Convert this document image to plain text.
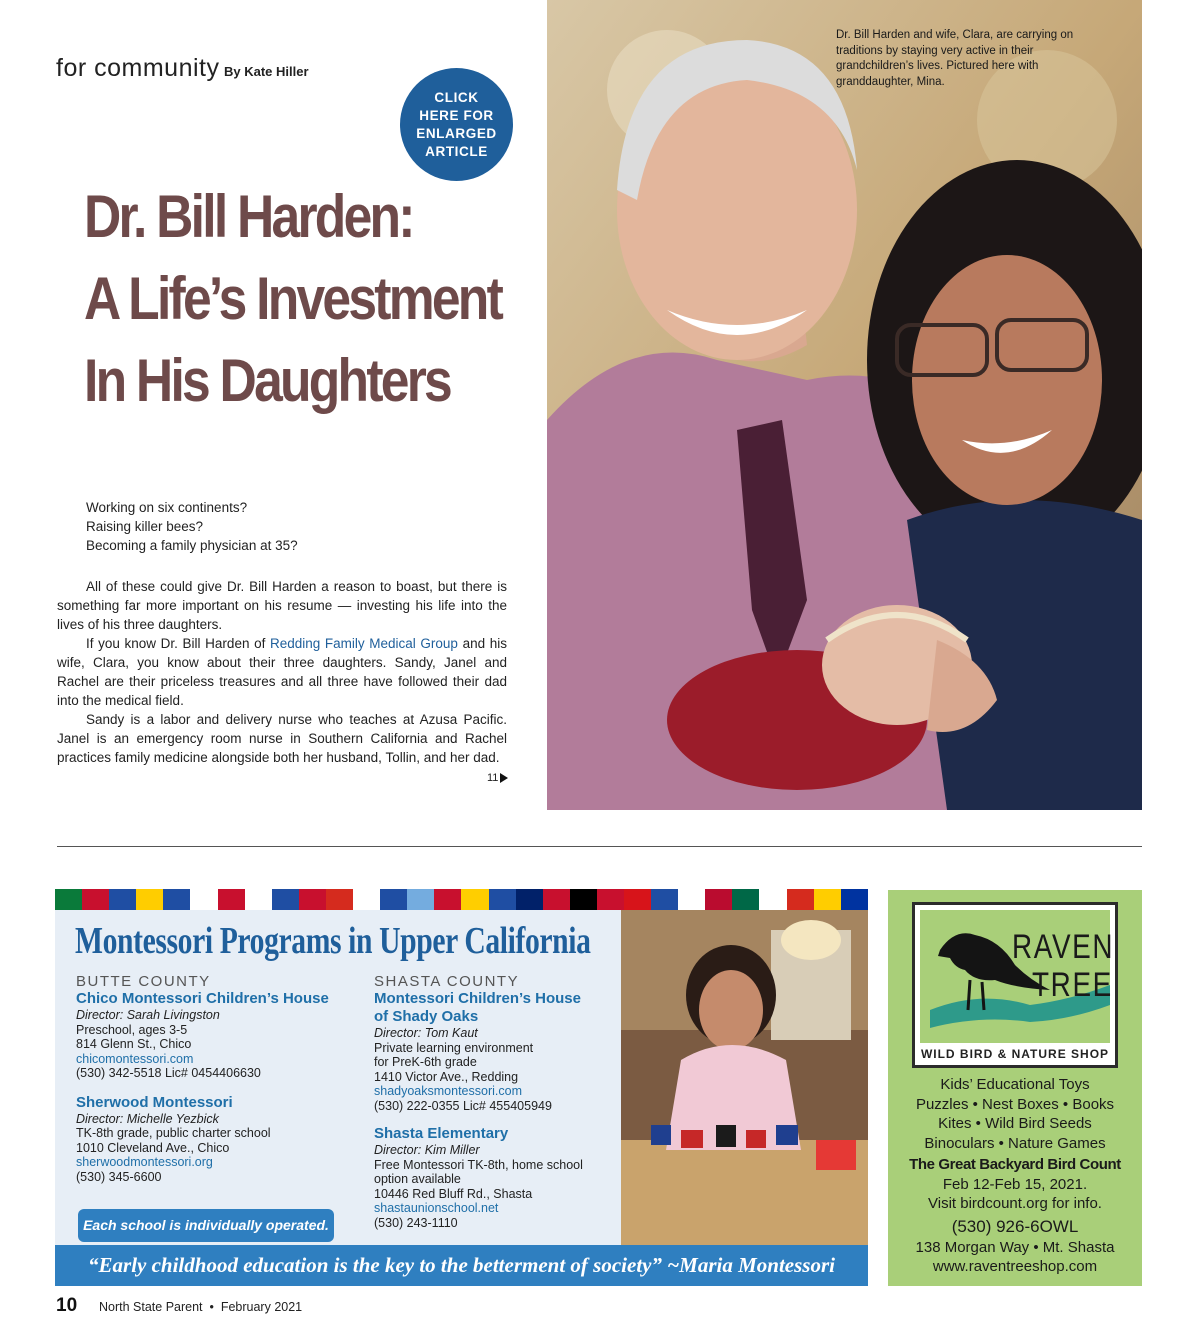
for community By Kate Hiller
CLICK
HERE FOR
ENLARGED
ARTICLE
Dr. Bill Harden:
A Life’s Investment
In His Daughters
Working on six continents?
Raising killer bees?
Becoming a family physician at 35?

All of these could give Dr. Bill Harden a reason to boast, but there is something far more important on his resume — investing his life into the lives of his three daughters.

If you know Dr. Bill Harden of Redding Family Medical Group and his wife, Clara, you know about their three daughters. Sandy, Janel and Rachel are their priceless treasures and all three have followed their dad into the medical field.

Sandy is a labor and delivery nurse who teaches at Azusa Pacific. Janel is an emergency room nurse in Southern California and Rachel practices family medicine alongside both her husband, Tollin, and her dad.

11
Dr. Bill Harden and wife, Clara, are carrying on traditions by staying very active in their grandchildren’s lives. Pictured here with granddaughter, Mina.
Montessori Programs in Upper California
BUTTE COUNTY
Chico Montessori Children’s House
Director: Sarah Livingston
Preschool, ages 3-5
814 Glenn St., Chico
chicomontessori.com
(530) 342-5518 Lic# 0454406630
Sherwood Montessori
Director: Michelle Yezbick
TK-8th grade, public charter school
1010 Cleveland Ave., Chico
sherwoodmontessori.org
(530) 345-6600
SHASTA COUNTY
Montessori Children’s House
of Shady Oaks
Director: Tom Kaut
Private learning environment
for PreK-6th grade
1410 Victor Ave., Redding
shadyoaksmontessori.com
(530) 222-0355 Lic# 455405949
Shasta Elementary
Director: Kim Miller
Free Montessori TK-8th, home school
option available
10446 Red Bluff Rd., Shasta
shastaunionschool.net
(530) 243-1110
Each school is individually operated.
“Early childhood education is the key to the betterment of society” ~Maria Montessori
RAVEN
TREE
WILD BIRD & NATURE SHOP
Kids’ Educational Toys
Puzzles • Nest Boxes • Books
Kites • Wild Bird Seeds
Binoculars • Nature Games
The Great Backyard Bird Count
Feb 12-Feb 15, 2021.
Visit birdcount.org for info.
(530) 926-6OWL
138 Morgan Way • Mt. Shasta
www.raventreeshop.com
10 North State Parent • February 2021
